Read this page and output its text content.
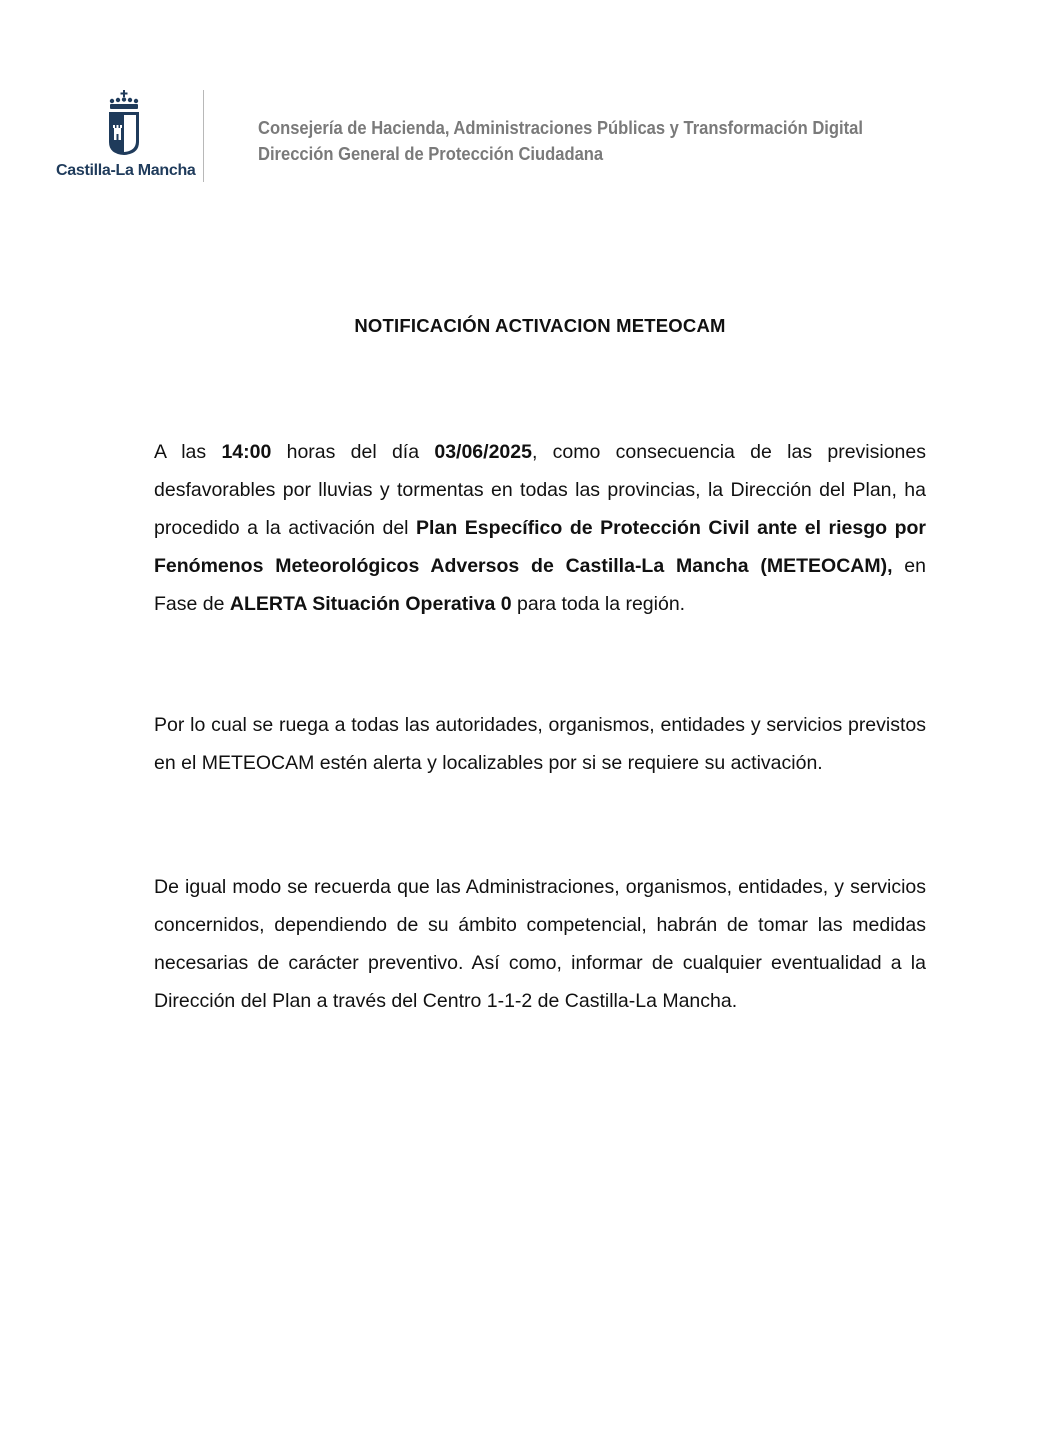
Castilla-La Mancha
Consejería de Hacienda, Administraciones Públicas y Transformación Digital
Dirección General de Protección Ciudadana
NOTIFICACIÓN ACTIVACION METEOCAM

A las 14:00 horas del día 03/06/2025, como consecuencia de las previsiones desfavorables por lluvias y tormentas en todas las provincias, la Dirección del Plan, ha procedido a la activación del Plan Específico de Protección Civil ante el riesgo por Fenómenos Meteorológicos Adversos de Castilla-La Mancha (METEOCAM), en Fase de ALERTA Situación Operativa 0 para toda la región.

Por lo cual se ruega a todas las autoridades, organismos, entidades y servicios previstos en el METEOCAM estén alerta y localizables por si se requiere su activación.

De igual modo se recuerda que las Administraciones, organismos, entidades, y servicios concernidos, dependiendo de su ámbito competencial, habrán de tomar las medidas necesarias de carácter preventivo. Así como, informar de cualquier eventualidad a la Dirección del Plan a través del Centro 1-1-2 de Castilla-La Mancha.
